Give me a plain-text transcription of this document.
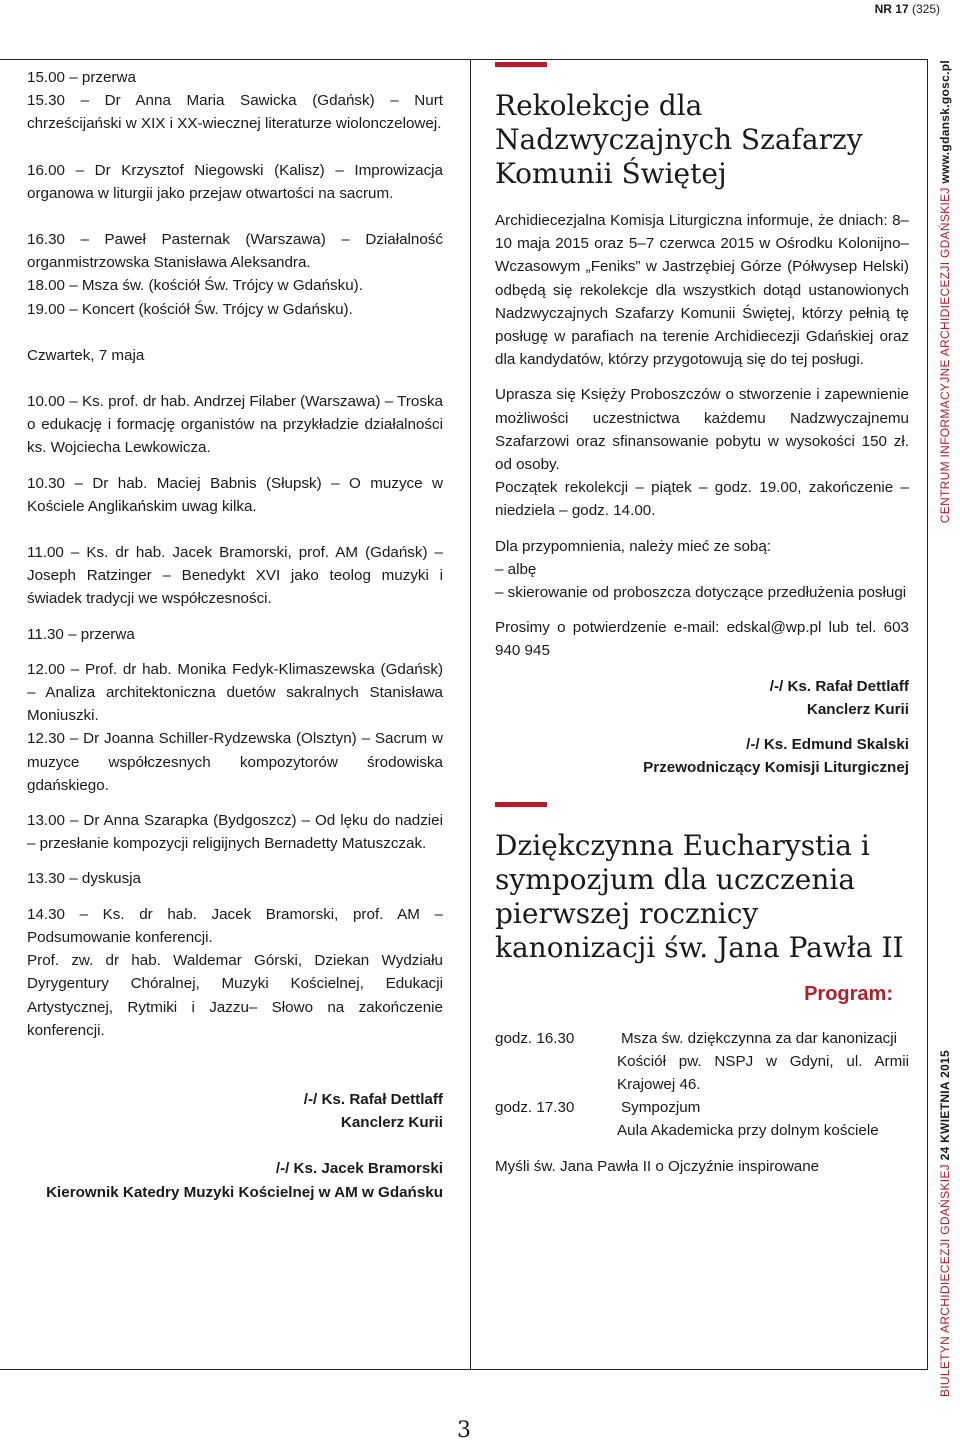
NR 17 (325)

15.00 – przerwa

15.30 – Dr Anna Maria Sawicka (Gdańsk) – Nurt chrześcijański w XIX i XX-wiecznej literaturze wiolonczelowej.

16.00 – Dr Krzysztof Niegowski (Kalisz) – Improwizacja organowa w liturgii jako przejaw otwartości na sacrum.

16.30 – Paweł Pasternak (Warszawa) – Działalność organmistrzowska Stanisława Aleksandra.

18.00 – Msza św. (kościół Św. Trójcy w Gdańsku).

19.00 – Koncert (kościół Św. Trójcy w Gdańsku).

Czwartek, 7 maja

10.00 – Ks. prof. dr hab. Andrzej Filaber (Warszawa) – Troska o edukację i formację organistów na przykładzie działalności ks. Wojciecha Lewkowicza.

10.30 – Dr hab. Maciej Babnis (Słupsk) – O muzyce w Kościele Anglikańskim uwag kilka.

11.00 – Ks. dr hab. Jacek Bramorski, prof. AM (Gdańsk) – Joseph Ratzinger – Benedykt XVI jako teolog muzyki i świadek tradycji we współczesności.

11.30 – przerwa

12.00 – Prof. dr hab. Monika Fedyk-Klimaszewska (Gdańsk) – Analiza architektoniczna duetów sakralnych Stanisława Moniuszki.

12.30 – Dr Joanna Schiller-Rydzewska (Olsztyn) – Sacrum w muzyce współczesnych kompozytorów środowiska gdańskiego.

13.00 – Dr Anna Szarapka (Bydgoszcz) – Od lęku do nadziei – przesłanie kompozycji religijnych Bernadetty Matuszczak.

13.30 – dyskusja

14.30 – Ks. dr hab. Jacek Bramorski, prof. AM – Podsumowanie konferencji.

Prof. zw. dr hab. Waldemar Górski, Dziekan Wydziału Dyrygentury Chóralnej, Muzyki Kościelnej, Edukacji Artystycznej, Rytmiki i Jazzu– Słowo na zakończenie konferencji.

/-/ Ks. Rafał Dettlaff

Kanclerz Kurii

/-/ Ks. Jacek Bramorski

Kierownik Katedry Muzyki Kościelnej w AM w Gdańsku

Rekolekcje dla Nadzwyczajnych Szafarzy Komunii Świętej

Archidiecezjalna Komisja Liturgiczna informuje, że dniach: 8–10 maja 2015 oraz 5–7 czerwca 2015 w Ośrodku Kolonijno–Wczasowym „Feniks” w Jastrzębiej Górze (Półwysep Helski) odbędą się rekolekcje dla wszystkich dotąd ustanowionych Nadzwyczajnych Szafarzy Komunii Świętej, którzy pełnią tę posługę w parafiach na terenie Archidiecezji Gdańskiej oraz dla kandydatów, którzy przygotowują się do tej posługi.

Uprasza się Księży Proboszczów o stworzenie i zapewnienie możliwości uczestnictwa każdemu Nadzwyczajnemu Szafarzowi oraz sfinansowanie pobytu w wysokości 150 zł. od osoby.

Początek rekolekcji – piątek – godz. 19.00, zakończenie – niedziela – godz. 14.00.

Dla przypomnienia, należy mieć ze sobą:

– albę

– skierowanie od proboszcza dotyczące przedłużenia posługi

Prosimy o potwierdzenie e-mail: edskal@wp.pl lub tel. 603 940 945

/-/ Ks. Rafał Dettlaff

Kanclerz Kurii

/-/ Ks. Edmund Skalski

Przewodniczący Komisji Liturgicznej

Dziękczynna Eucharystia i sympozjum dla uczczenia pierwszej rocznicy kanonizacji św. Jana Pawła II

Program:

godz. 16.30	Msza św. dziękczynna za dar kanonizacji

Kościół pw. NSPJ w Gdyni, ul. Armii Krajowej 46.

godz. 17.30	Sympozjum

Aula Akademicka przy dolnym kościele

Myśli św. Jana Pawła II o Ojczyźnie inspirowane

CENTRUM INFORMACYJNE ARCHIDIECEZJI GDAŃSKIEJ www.gdansk.gosc.pl
BIULETYN ARCHIDIECEZJI GDAŃSKIEJ 24 KWIETNIA 2015
3
